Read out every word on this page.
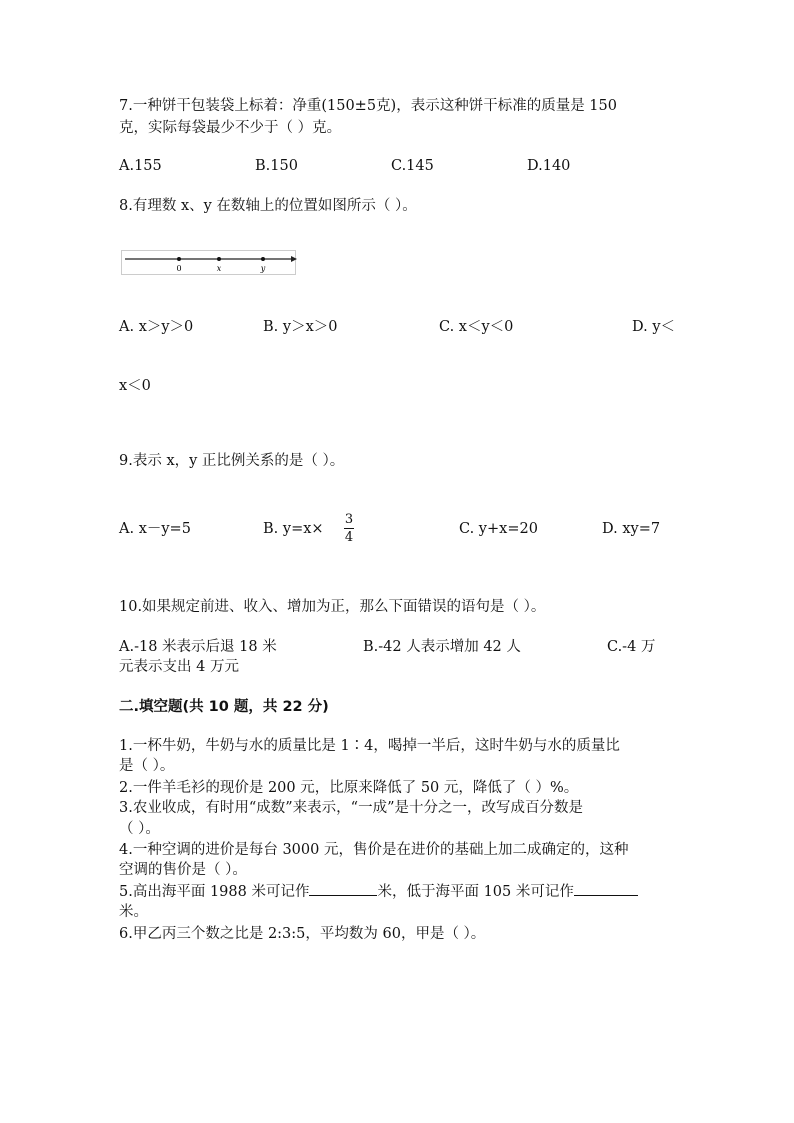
7.一种饼干包装袋上标着：净重(150±5克)，表示这种饼干标准的质量是 150
克，实际每袋最少不少于（ ）克。
A.155	B.150	C.145	D.140
8.有理数 x、y 在数轴上的位置如图所示（ ）。
0	x	y
A. x＞y＞0	B. y＞x＞0	C. x＜y＜0	D. y＜
x＜0
9.表示 x，y 正比例关系的是（ ）。
A. x－y=5	B. y=x×
3
4
C. y+x=20	D. xy=7
10.如果规定前进、收入、增加为正，那么下面错误的语句是（ ）。
A.-18 米表示后退 18 米	B.-42 人表示增加 42 人	C.-4 万
元表示支出 4 万元
二.填空题(共 10 题，共 22 分)
1.一杯牛奶，牛奶与水的质量比是 1∶4，喝掉一半后，这时牛奶与水的质量比
是（ ）。
2.一件羊毛衫的现价是 200 元，比原来降低了 50 元，降低了（ ）%。
3.农业收成，有时用“成数”来表示，“一成”是十分之一，改写成百分数是
（ ）。
4.一种空调的进价是每台 3000 元，售价是在进价的基础上加二成确定的，这种
空调的售价是（ ）。
5.高出海平面 1988 米可记作	米，低于海平面 105 米可记作
米。
6.甲乙丙三个数之比是 2:3:5，平均数为 60，甲是（ ）。
